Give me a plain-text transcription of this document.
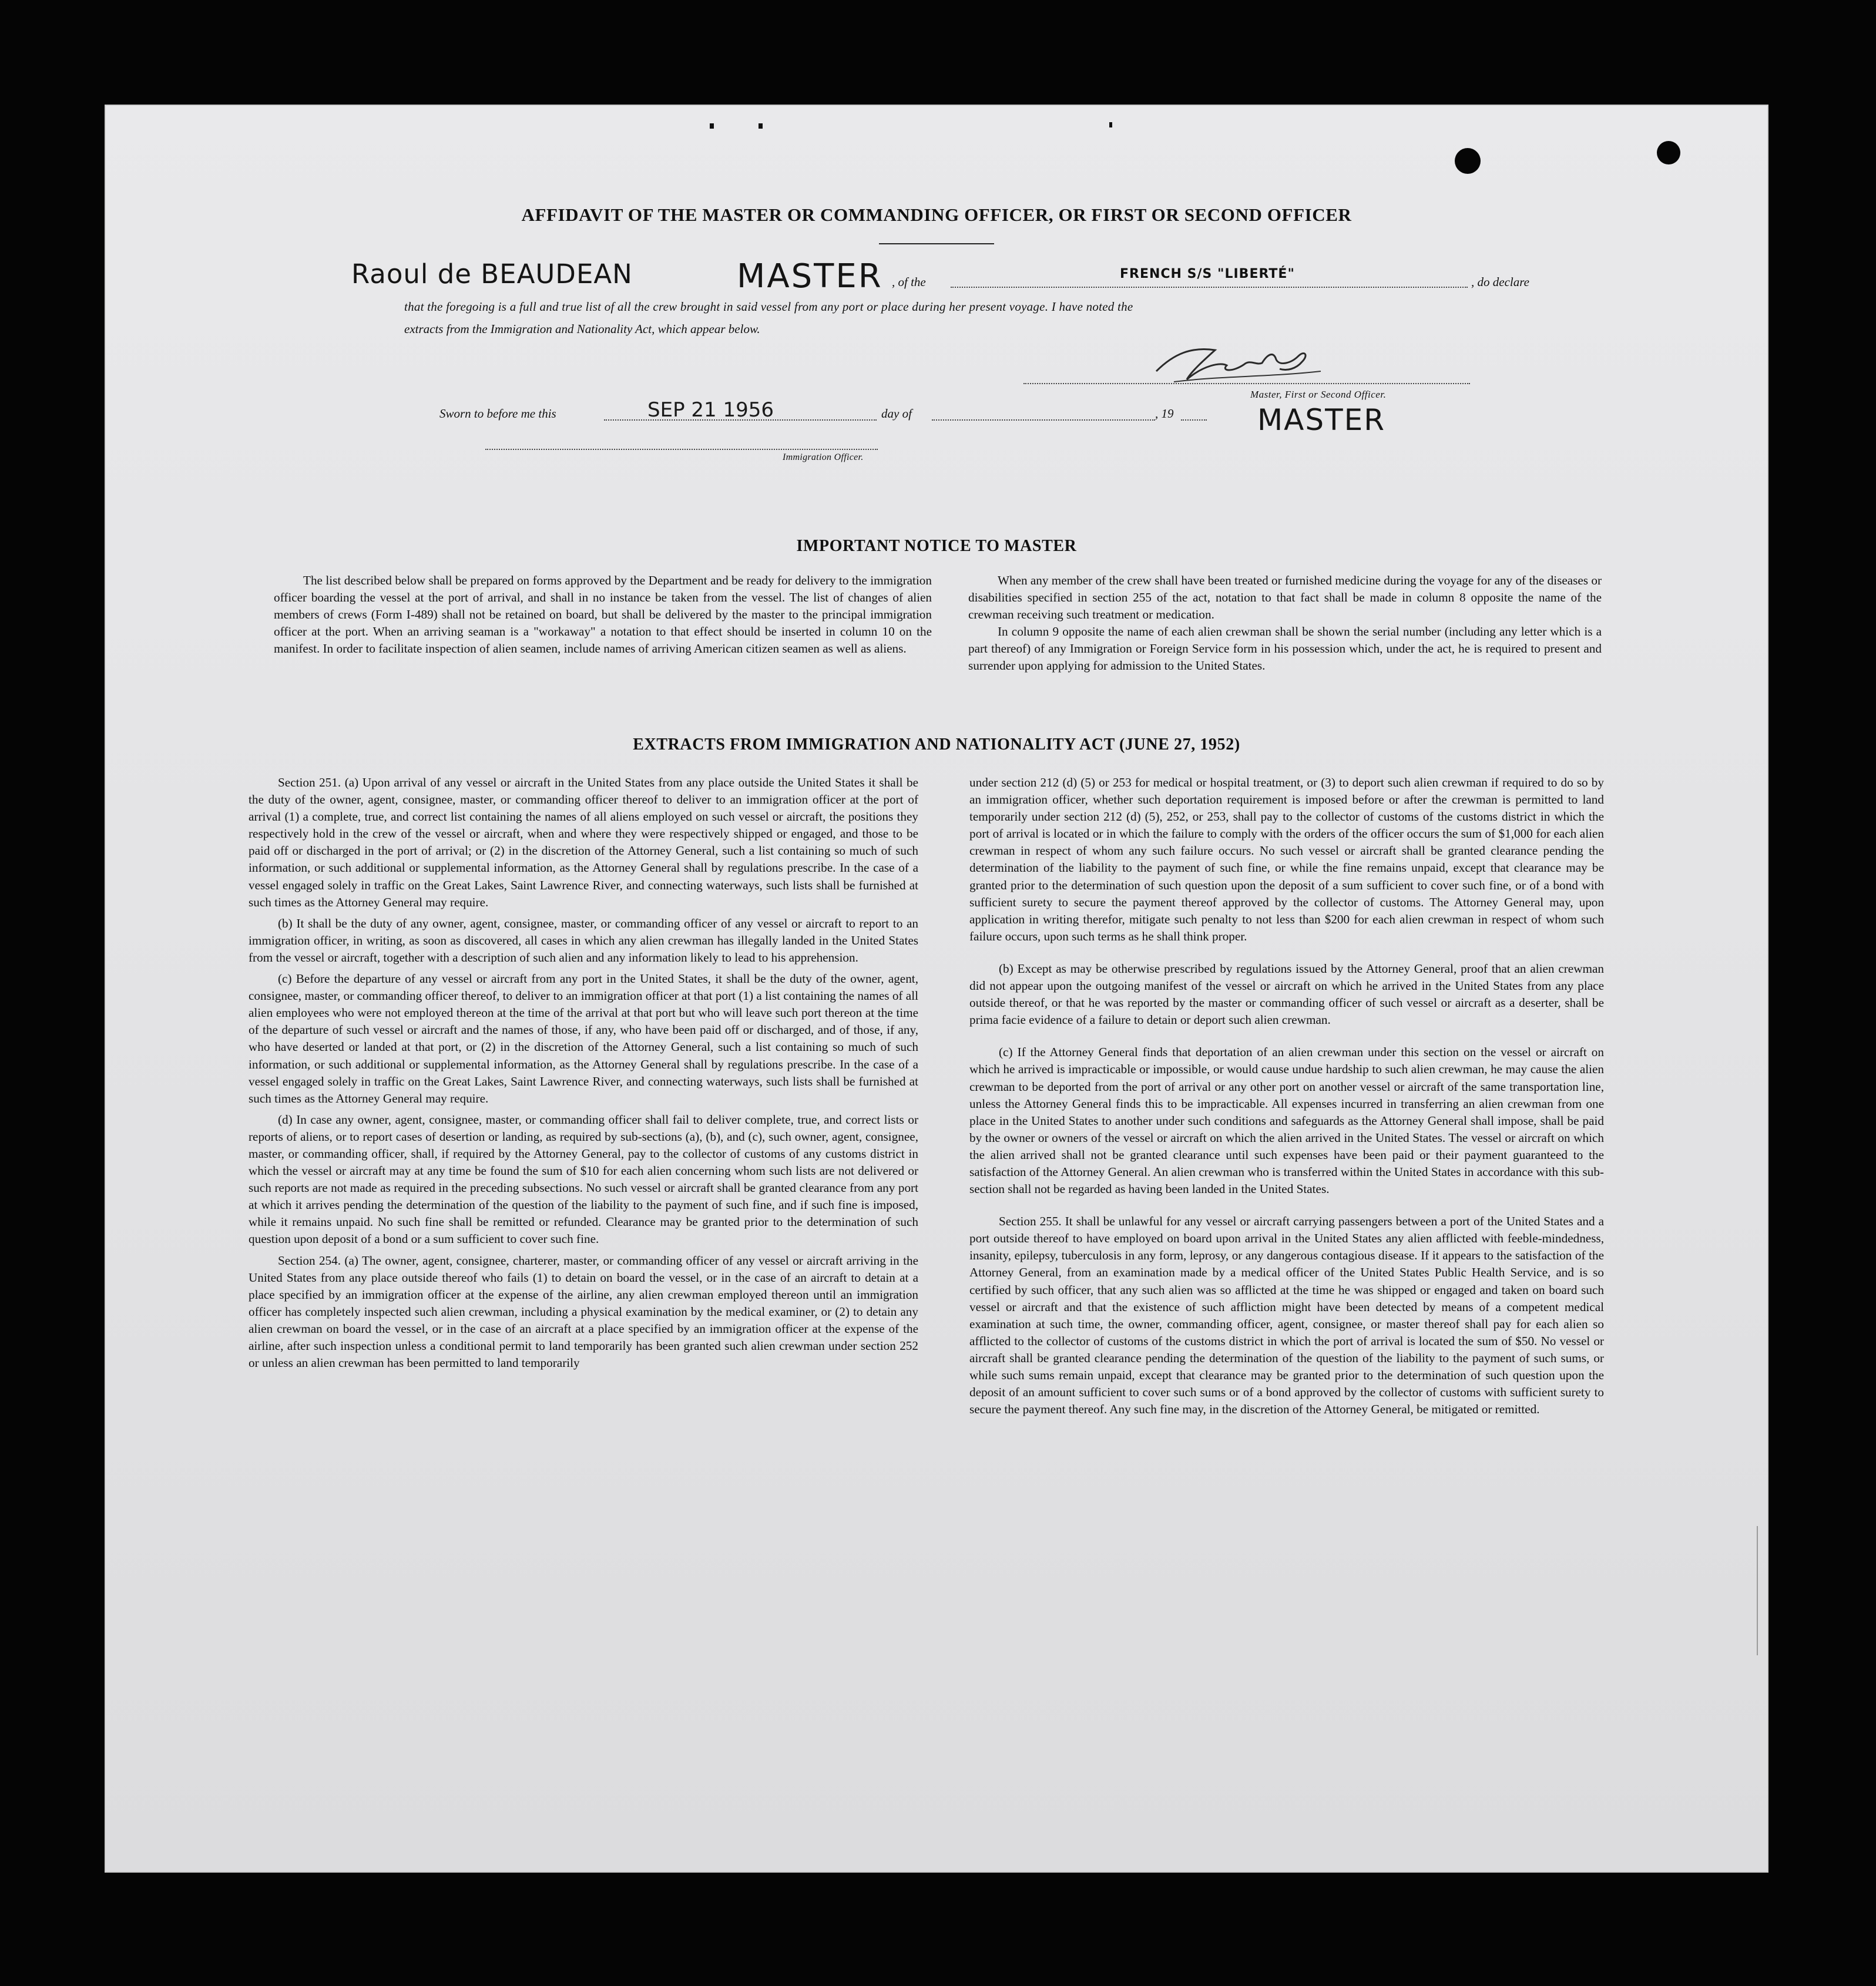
AFFIDAVIT OF THE MASTER OR COMMANDING OFFICER, OR FIRST OR SECOND OFFICER
Raoul de BEAUDEAN	MASTER , of the
FRENCH S/S "LIBERTÉ"
, do declare
that the foregoing is a full and true list of all the crew brought in said vessel from any port or place during her present voyage. I have noted the
extracts from the Immigration and Nationality Act, which appear below.
Master, First or Second Officer.
Sworn to before me this	SEP 21 1956	day of	, 19	MASTER
Immigration Officer.
IMPORTANT NOTICE TO MASTER

The list described below shall be prepared on forms approved by the Department and be ready for delivery to the immigration officer boarding the vessel at the port of arrival, and shall in no instance be taken from the vessel. The list of changes of alien members of crews (Form I-489) shall not be retained on board, but shall be delivered by the master to the principal immigration officer at the port. When an arriving seaman is a "workaway" a notation to that effect should be inserted in column 10 on the manifest. In order to facilitate inspection of alien seamen, include names of arriving American citizen seamen as well as aliens.

When any member of the crew shall have been treated or furnished medicine during the voyage for any of the diseases or disabilities specified in section 255 of the act, notation to that fact shall be made in column 8 opposite the name of the crewman receiving such treatment or medication.

In column 9 opposite the name of each alien crewman shall be shown the serial number (including any letter which is a part thereof) of any Immigration or Foreign Service form in his possession which, under the act, he is required to present and surrender upon applying for admission to the United States.

EXTRACTS FROM IMMIGRATION AND NATIONALITY ACT (JUNE 27, 1952)

Section 251. (a) Upon arrival of any vessel or aircraft in the United States from any place outside the United States it shall be the duty of the owner, agent, consignee, master, or commanding officer thereof to deliver to an immigration officer at the port of arrival (1) a complete, true, and correct list containing the names of all aliens employed on such vessel or aircraft, the positions they respectively hold in the crew of the vessel or aircraft, when and where they were respectively shipped or engaged, and those to be paid off or discharged in the port of arrival; or (2) in the discretion of the Attorney General, such a list containing so much of such information, or such additional or supplemental information, as the Attorney General shall by regulations prescribe. In the case of a vessel engaged solely in traffic on the Great Lakes, Saint Lawrence River, and connecting waterways, such lists shall be furnished at such times as the Attorney General may require.

(b) It shall be the duty of any owner, agent, consignee, master, or commanding officer of any vessel or aircraft to report to an immigration officer, in writing, as soon as discovered, all cases in which any alien crewman has illegally landed in the United States from the vessel or aircraft, together with a description of such alien and any information likely to lead to his apprehension.

(c) Before the departure of any vessel or aircraft from any port in the United States, it shall be the duty of the owner, agent, consignee, master, or commanding officer thereof, to deliver to an immigration officer at that port (1) a list containing the names of all alien employees who were not employed thereon at the time of the arrival at that port but who will leave such port thereon at the time of the departure of such vessel or aircraft and the names of those, if any, who have been paid off or discharged, and of those, if any, who have deserted or landed at that port, or (2) in the discretion of the Attorney General, such a list containing so much of such information, or such additional or supplemental information, as the Attorney General shall by regulations prescribe. In the case of a vessel engaged solely in traffic on the Great Lakes, Saint Lawrence River, and connecting waterways, such lists shall be furnished at such times as the Attorney General may require.

(d) In case any owner, agent, consignee, master, or commanding officer shall fail to deliver complete, true, and correct lists or reports of aliens, or to report cases of desertion or landing, as required by sub-sections (a), (b), and (c), such owner, agent, consignee, master, or commanding officer, shall, if required by the Attorney General, pay to the collector of customs of any customs district in which the vessel or aircraft may at any time be found the sum of $10 for each alien concerning whom such lists are not delivered or such reports are not made as required in the preceding subsections. No such vessel or aircraft shall be granted clearance from any port at which it arrives pending the determination of the question of the liability to the payment of such fine, and if such fine is imposed, while it remains unpaid. No such fine shall be remitted or refunded. Clearance may be granted prior to the determination of such question upon deposit of a bond or a sum sufficient to cover such fine.

Section 254. (a) The owner, agent, consignee, charterer, master, or commanding officer of any vessel or aircraft arriving in the United States from any place outside thereof who fails (1) to detain on board the vessel, or in the case of an aircraft to detain at a place specified by an immigration officer at the expense of the airline, any alien crewman employed thereon until an immigration officer has completely inspected such alien crewman, including a physical examination by the medical examiner, or (2) to detain any alien crewman on board the vessel, or in the case of an aircraft at a place specified by an immigration officer at the expense of the airline, after such inspection unless a conditional permit to land temporarily has been granted such alien crewman under section 252 or unless an alien crewman has been permitted to land temporarily

under section 212 (d) (5) or 253 for medical or hospital treatment, or (3) to deport such alien crewman if required to do so by an immigration officer, whether such deportation requirement is imposed before or after the crewman is permitted to land temporarily under section 212 (d) (5), 252, or 253, shall pay to the collector of customs of the customs district in which the port of arrival is located or in which the failure to comply with the orders of the officer occurs the sum of $1,000 for each alien crewman in respect of whom any such failure occurs. No such vessel or aircraft shall be granted clearance pending the determination of the liability to the payment of such fine, or while the fine remains unpaid, except that clearance may be granted prior to the determination of such question upon the deposit of a sum sufficient to cover such fine, or of a bond with sufficient surety to secure the payment thereof approved by the collector of customs. The Attorney General may, upon application in writing therefor, mitigate such penalty to not less than $200 for each alien crewman in respect of whom such failure occurs, upon such terms as he shall think proper.

(b) Except as may be otherwise prescribed by regulations issued by the Attorney General, proof that an alien crewman did not appear upon the outgoing manifest of the vessel or aircraft on which he arrived in the United States from any place outside thereof, or that he was reported by the master or commanding officer of such vessel or aircraft as a deserter, shall be prima facie evidence of a failure to detain or deport such alien crewman.

(c) If the Attorney General finds that deportation of an alien crewman under this section on the vessel or aircraft on which he arrived is impracticable or impossible, or would cause undue hardship to such alien crewman, he may cause the alien crewman to be deported from the port of arrival or any other port on another vessel or aircraft of the same transportation line, unless the Attorney General finds this to be impracticable. All expenses incurred in transferring an alien crewman from one place in the United States to another under such conditions and safeguards as the Attorney General shall impose, shall be paid by the owner or owners of the vessel or aircraft on which the alien arrived in the United States. The vessel or aircraft on which the alien arrived shall not be granted clearance until such expenses have been paid or their payment guaranteed to the satisfaction of the Attorney General. An alien crewman who is transferred within the United States in accordance with this sub-section shall not be regarded as having been landed in the United States.

Section 255. It shall be unlawful for any vessel or aircraft carrying passengers between a port of the United States and a port outside thereof to have employed on board upon arrival in the United States any alien afflicted with feeble-mindedness, insanity, epilepsy, tuberculosis in any form, leprosy, or any dangerous contagious disease. If it appears to the satisfaction of the Attorney General, from an examination made by a medical officer of the United States Public Health Service, and is so certified by such officer, that any such alien was so afflicted at the time he was shipped or engaged and taken on board such vessel or aircraft and that the existence of such affliction might have been detected by means of a competent medical examination at such time, the owner, commanding officer, agent, consignee, or master thereof shall pay for each alien so afflicted to the collector of customs of the customs district in which the port of arrival is located the sum of $50. No vessel or aircraft shall be granted clearance pending the determination of the question of the liability to the payment of such sums, or while such sums remain unpaid, except that clearance may be granted prior to the determination of such question upon the deposit of an amount sufficient to cover such sums or of a bond approved by the collector of customs with sufficient surety to secure the payment thereof. Any such fine may, in the discretion of the Attorney General, be mitigated or remitted.
